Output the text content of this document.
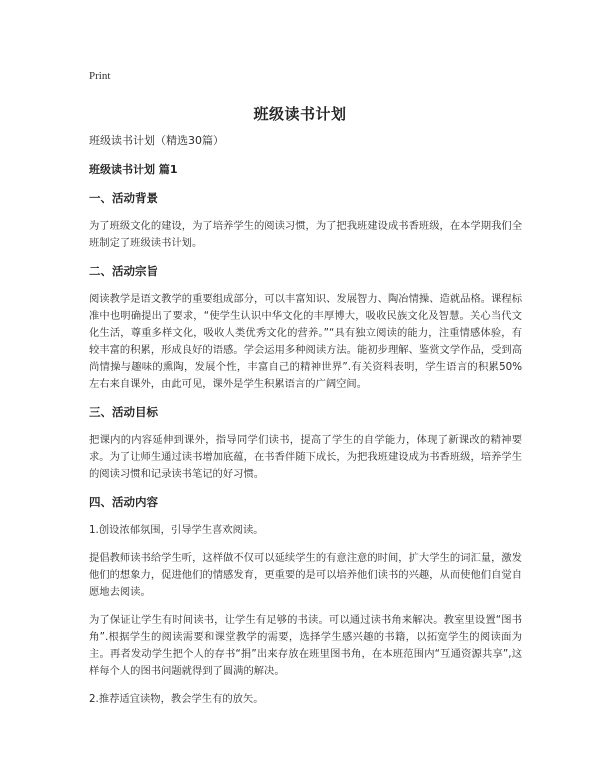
Print
班级读书计划

班级读书计划（精选30篇）

班级读书计划 篇1

一、活动背景

为了班级文化的建设，为了培养学生的阅读习惯，为了把我班建设成书香班级，在本学期我们全班制定了班级读书计划。

二、活动宗旨

阅读教学是语文教学的重要组成部分，可以丰富知识、发展智力、陶冶情操、造就品格。课程标准中也明确提出了要求，“使学生认识中华文化的丰厚博大，吸收民族文化及智慧。关心当代文化生活，尊重多样文化，吸收人类优秀文化的营养。”“具有独立阅读的能力，注重情感体验，有较丰富的积累，形成良好的语感。学会运用多种阅读方法。能初步理解、鉴赏文学作品，受到高尚情操与趣味的熏陶，发展个性，丰富自己的精神世界”.有关资料表明，学生语言的积累50%左右来自课外，由此可见，课外是学生积累语言的广阔空间。

三、活动目标

把课内的内容延伸到课外，指导同学们读书，提高了学生的自学能力，体现了新课改的精神要求。为了让师生通过读书增加底蕴，在书香伴随下成长，为把我班建设成为书香班级，培养学生的阅读习惯和记录读书笔记的好习惯。

四、活动内容

1.创设浓郁氛围，引导学生喜欢阅读。

提倡教师读书给学生听，这样做不仅可以延续学生的有意注意的时间，扩大学生的词汇量，激发他们的想象力，促进他们的情感发育，更重要的是可以培养他们读书的兴趣，从而使他们自觉自愿地去阅读。

为了保证让学生有时间读书，让学生有足够的书读。可以通过读书角来解决。教室里设置“图书角”.根据学生的阅读需要和课堂教学的需要，选择学生感兴趣的书籍，以拓宽学生的阅读面为主。再者发动学生把个人的存书“捐”出来存放在班里图书角，在本班范围内“互通资源共享”,这样每个人的图书问题就得到了圆满的解决。

2.推荐适宜读物，教会学生有的放矢。
